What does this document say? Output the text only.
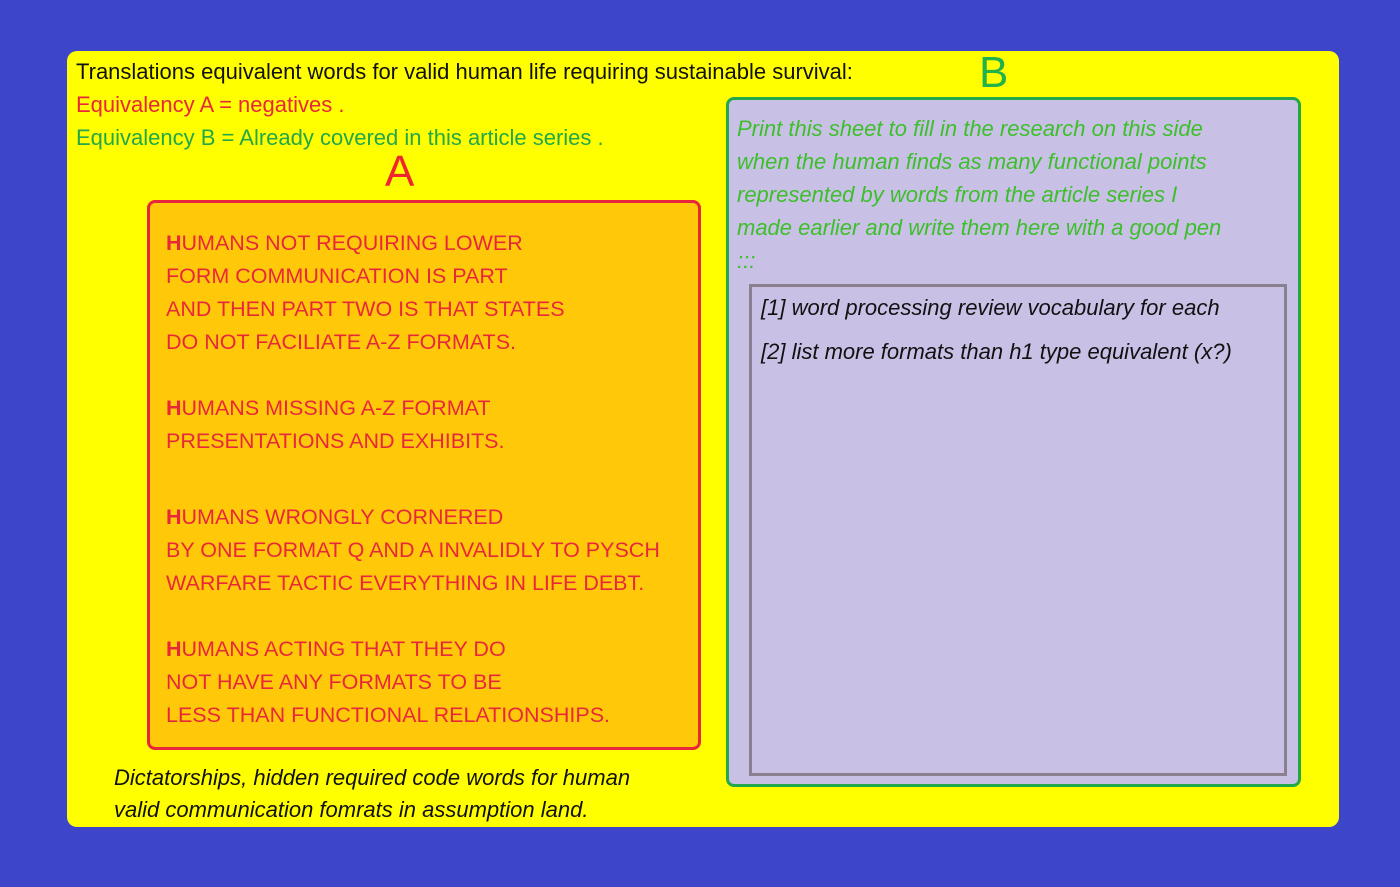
Translations equivalent words for valid human life requiring sustainable survival:
Equivalency A = negatives .
Equivalency B = Already covered in this article series .
B
A
HUMANS NOT REQUIRING LOWER
FORM COMMUNICATION IS PART
AND THEN PART TWO IS THAT STATES
DO NOT FACILIATE A-Z FORMATS.
HUMANS MISSING A-Z FORMAT
PRESENTATIONS AND EXHIBITS.
HUMANS WRONGLY CORNERED
BY ONE FORMAT Q AND A INVALIDLY TO PYSCH
WARFARE TACTIC EVERYTHING IN LIFE DEBT.
HUMANS ACTING THAT THEY DO
NOT HAVE ANY FORMATS TO BE
LESS THAN FUNCTIONAL RELATIONSHIPS.
Dictatorships, hidden required code words for human
valid communication fomrats in assumption land.
Print this sheet to fill in the research on this side
when the human finds as many functional points
represented by words from the article series I
made earlier and write them here with a good pen
:::
[1] word processing review vocabulary for each
[2] list more formats than h1 type equivalent (x?)
